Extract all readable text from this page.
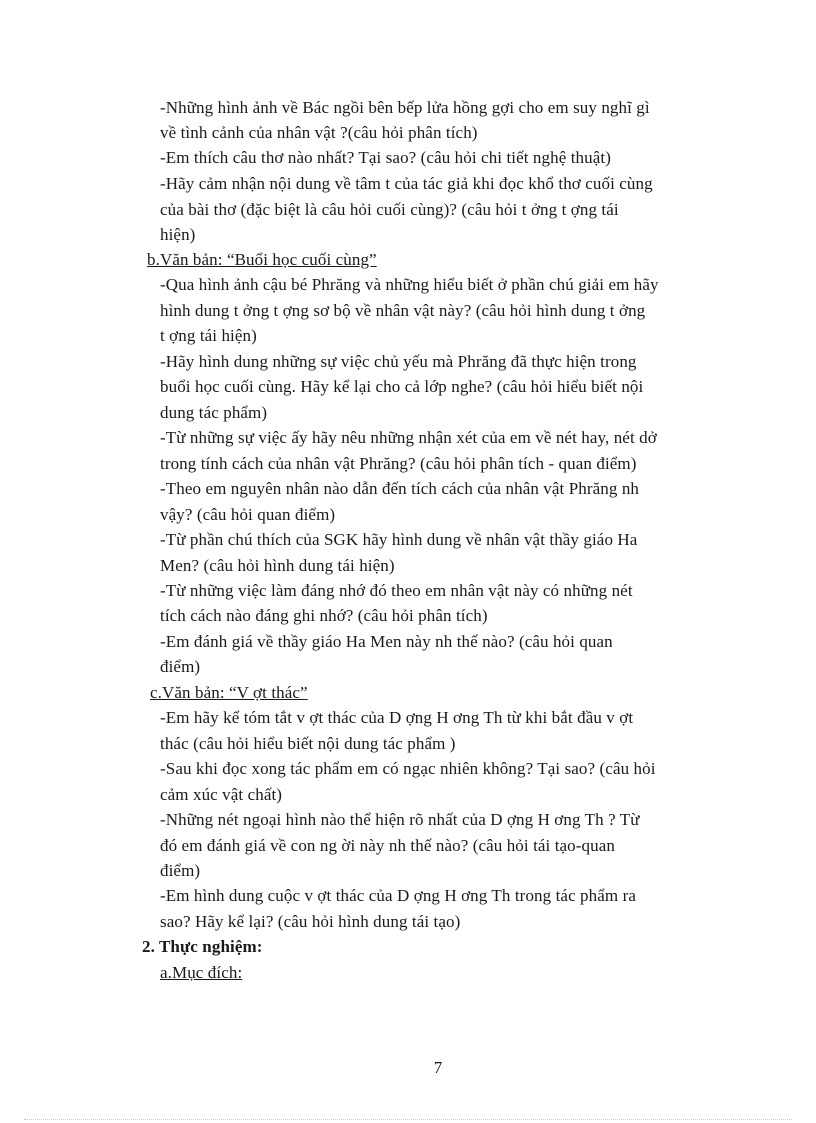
-Những hình ảnh về Bác ngồi bên bếp lửa hồng gợi cho em suy nghĩ gì
về tình cảnh của nhân vật ?(câu hỏi phân tích)
-Em thích câu thơ nào nhất? Tại sao? (câu hỏi chi tiết nghệ thuật)
-Hãy cảm nhận nội dung về tâm t của tác giả khi đọc khổ thơ cuối cùng
của bài thơ (đặc biệt là câu hỏi cuối cùng)? (câu hỏi t ởng t ợng tái
hiện)
b.Văn bản: “Buổi học cuối cùng”
-Qua hình ảnh cậu bé Phrăng và những hiểu biết ở phần chú giải em hãy
hình dung t ởng t ợng sơ bộ về nhân vật này? (câu hỏi hình dung t ởng
t ợng tái hiện)
-Hãy hình dung những sự việc chủ yếu mà Phrăng đã thực hiện trong
buổi học cuối cùng. Hãy kể lại cho cả lớp nghe? (câu hỏi hiểu biết nội
dung tác phẩm)
-Từ những sự việc ấy hãy nêu những nhận xét của em về nét hay, nét dở
trong tính cách của nhân vật Phrăng? (câu hỏi phân tích - quan điểm)
-Theo em nguyên nhân nào dẫn đến tích cách của nhân vật Phrăng nh
vậy? (câu hỏi quan điểm)
-Từ phần chú thích của SGK hãy hình dung về nhân vật thầy giáo Ha
Men? (câu hỏi hình dung tái hiện)
-Từ những việc làm đáng nhớ đó theo em nhân vật này có những nét
tích cách nào đáng ghi nhớ? (câu hỏi phân tích)
-Em đánh giá về thầy giáo Ha Men này nh thế nào? (câu hỏi quan
điểm)
c.Văn bản: “V ợt thác”
-Em hãy kể tóm tắt v ợt thác của D ợng H ơng Th từ khi bắt đầu v ợt
thác (câu hỏi hiểu biết nội dung tác phẩm )
-Sau khi đọc xong tác phẩm em có ngạc nhiên không? Tại sao? (câu hỏi
cảm xúc vật chất)
-Những nét ngoại hình nào thể hiện rõ nhất của D ợng H ơng Th ? Từ
đó em đánh giá về con ng ời này nh thế nào? (câu hỏi tái tạo-quan
điểm)
-Em hình dung cuộc v ợt thác của D ợng H ơng Th trong tác phẩm ra
sao? Hãy kể lại? (câu hỏi hình dung tái tạo)
2. Thực nghiệm:
a.Mục đích:
7
